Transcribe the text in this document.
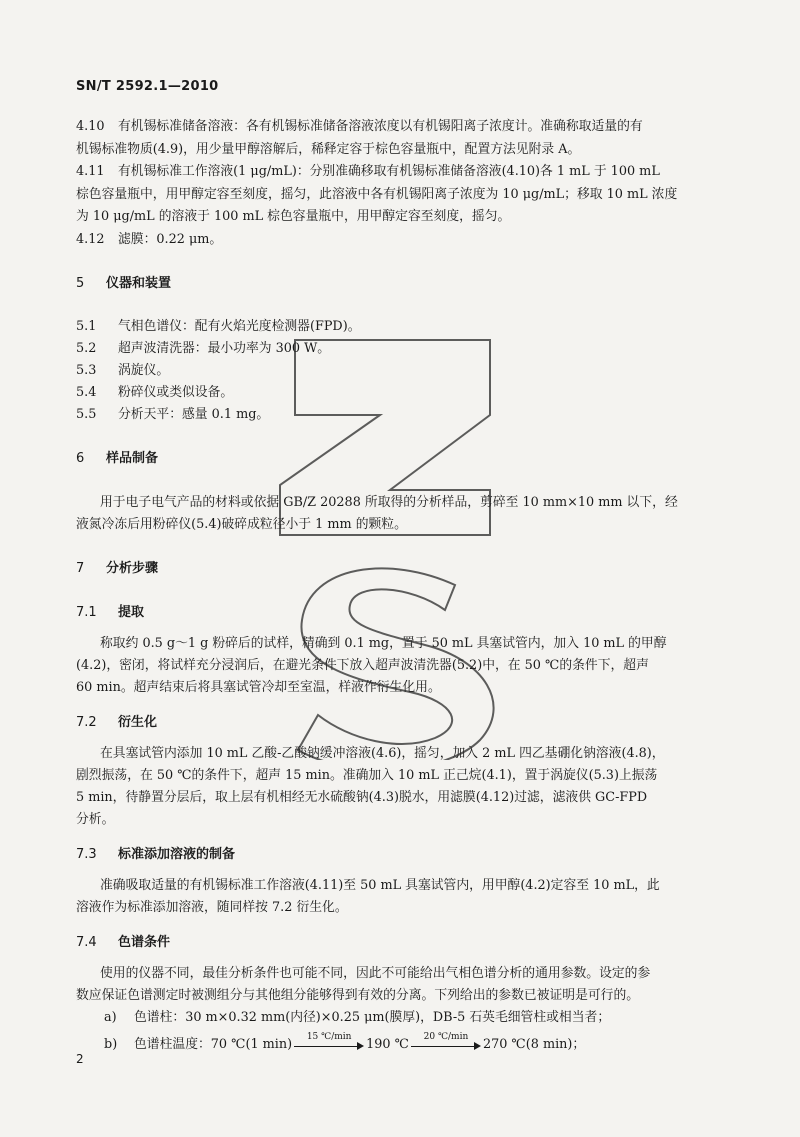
SN/T 2592.1—2010
4.10 有机锡标准储备溶液：各有机锡标准储备溶液浓度以有机锡阳离子浓度计。准确称取适量的有
机锡标准物质(4.9)，用少量甲醇溶解后，稀释定容于棕色容量瓶中，配置方法见附录 A。
4.11 有机锡标准工作溶液(1 μg/mL)：分别准确移取有机锡标准储备溶液(4.10)各 1 mL 于 100 mL
棕色容量瓶中，用甲醇定容至刻度，摇匀，此溶液中各有机锡阳离子浓度为 10 μg/mL；移取 10 mL 浓度
为 10 μg/mL 的溶液于 100 mL 棕色容量瓶中，用甲醇定容至刻度，摇匀。
4.12 滤膜：0.22 μm。
5 仪器和装置
5.1 气相色谱仪：配有火焰光度检测器(FPD)。
5.2 超声波清洗器：最小功率为 300 W。
5.3 涡旋仪。
5.4 粉碎仪或类似设备。
5.5 分析天平：感量 0.1 mg。
6 样品制备
用于电子电气产品的材料或依据 GB/Z 20288 所取得的分析样品，剪碎至 10 mm×10 mm 以下，经
液氮冷冻后用粉碎仪(5.4)破碎成粒径小于 1 mm 的颗粒。
7 分析步骤
7.1 提取
称取约 0.5 g～1 g 粉碎后的试样，精确到 0.1 mg，置于 50 mL 具塞试管内，加入 10 mL 的甲醇
(4.2)，密闭，将试样充分浸润后，在避光条件下放入超声波清洗器(5.2)中，在 50 ℃的条件下，超声
60 min。超声结束后将具塞试管冷却至室温，样液作衍生化用。
7.2 衍生化
在具塞试管内添加 10 mL 乙酸-乙酸钠缓冲溶液(4.6)，摇匀，加入 2 mL 四乙基硼化钠溶液(4.8)，
剧烈振荡，在 50 ℃的条件下，超声 15 min。准确加入 10 mL 正己烷(4.1)，置于涡旋仪(5.3)上振荡
5 min，待静置分层后，取上层有机相经无水硫酸钠(4.3)脱水，用滤膜(4.12)过滤，滤液供 GC-FPD
分析。
7.3 标准添加溶液的制备
准确吸取适量的有机锡标准工作溶液(4.11)至 50 mL 具塞试管内，用甲醇(4.2)定容至 10 mL，此
溶液作为标准添加溶液，随同样按 7.2 衍生化。
7.4 色谱条件
使用的仪器不同，最佳分析条件也可能不同，因此不可能给出气相色谱分析的通用参数。设定的参
数应保证色谱测定时被测组分与其他组分能够得到有效的分离。下列给出的参数已被证明是可行的。
a) 色谱柱：30 m×0.32 mm(内径)×0.25 μm(膜厚)，DB-5 石英毛细管柱或相当者；
b) 色谱柱温度：70 ℃(1 min)
15 ℃/min
190 ℃
20 ℃/min
270 ℃(8 min)；
2
